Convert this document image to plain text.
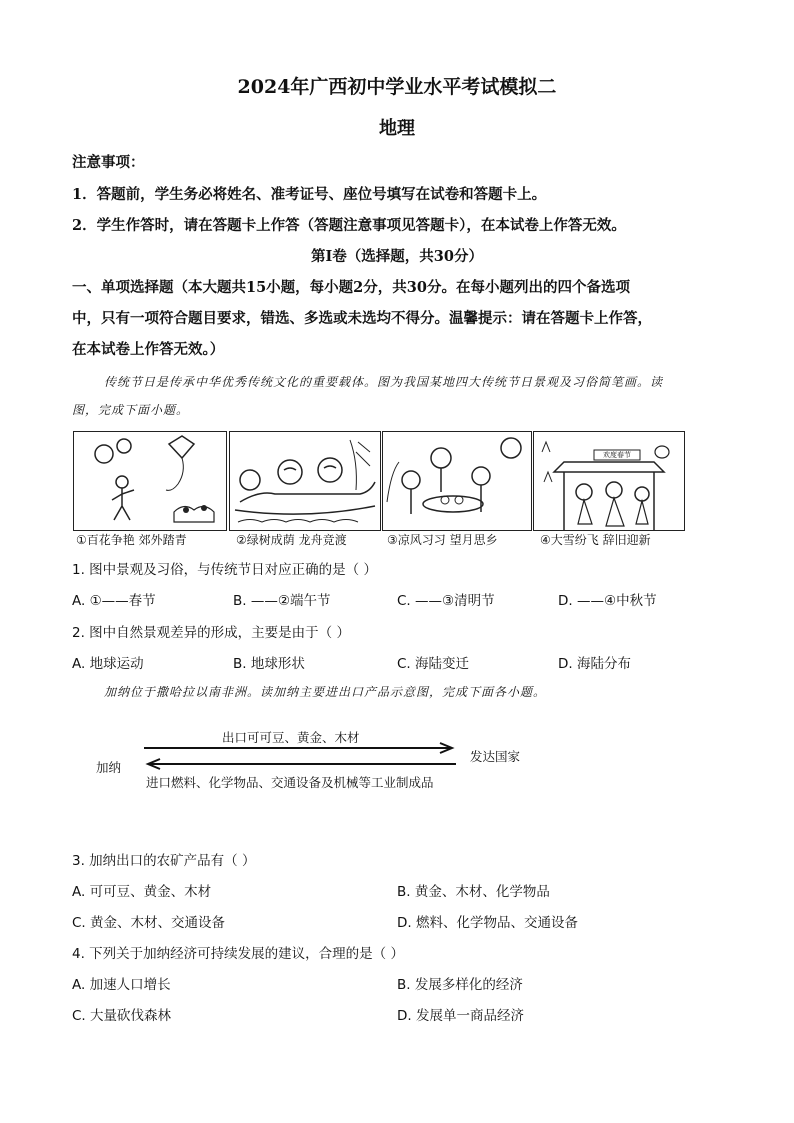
2024年广西初中学业水平考试模拟二
地理
注意事项：
1．答题前，学生务必将姓名、准考证号、座位号填写在试卷和答题卡上。
2．学生作答时，请在答题卡上作答（答题注意事项见答题卡），在本试卷上作答无效。
第Ⅰ卷（选择题，共30分）
一、单项选择题（本大题共15小题，每小题2分，共30分。在每小题列出的四个备选项
中，只有一项符合题目要求，错选、多选或未选均不得分。温馨提示：请在答题卡上作答，
在本试卷上作答无效。）
传统节日是传承中华优秀传统文化的重要载体。图为我国某地四大传统节日景观及习俗简笔画。读
图，完成下面小题。
欢度春节
①百花争艳 郊外踏青	②绿树成荫 龙舟竞渡	③凉风习习 望月思乡	④大雪纷飞 辞旧迎新
1. 图中景观及习俗，与传统节日对应正确的是（ ）
A. ①——春节	B. ——②端午节	C. ——③清明节	D. ——④中秋节
2. 图中自然景观差异的形成，主要是由于（ ）
A. 地球运动	B. 地球形状	C. 海陆变迁	D. 海陆分布
加纳位于撒哈拉以南非洲。读加纳主要进出口产品示意图，完成下面各小题。
出口可可豆、黄金、木材
加纳
发达国家
进口燃料、化学物品、交通设备及机械等工业制成品
3. 加纳出口的农矿产品有（ ）
A. 可可豆、黄金、木材	B. 黄金、木材、化学物品
C. 黄金、木材、交通设备	D. 燃料、化学物品、交通设备
4. 下列关于加纳经济可持续发展的建议，合理的是（ ）
A. 加速人口增长	B. 发展多样化的经济
C. 大量砍伐森林	D. 发展单一商品经济
